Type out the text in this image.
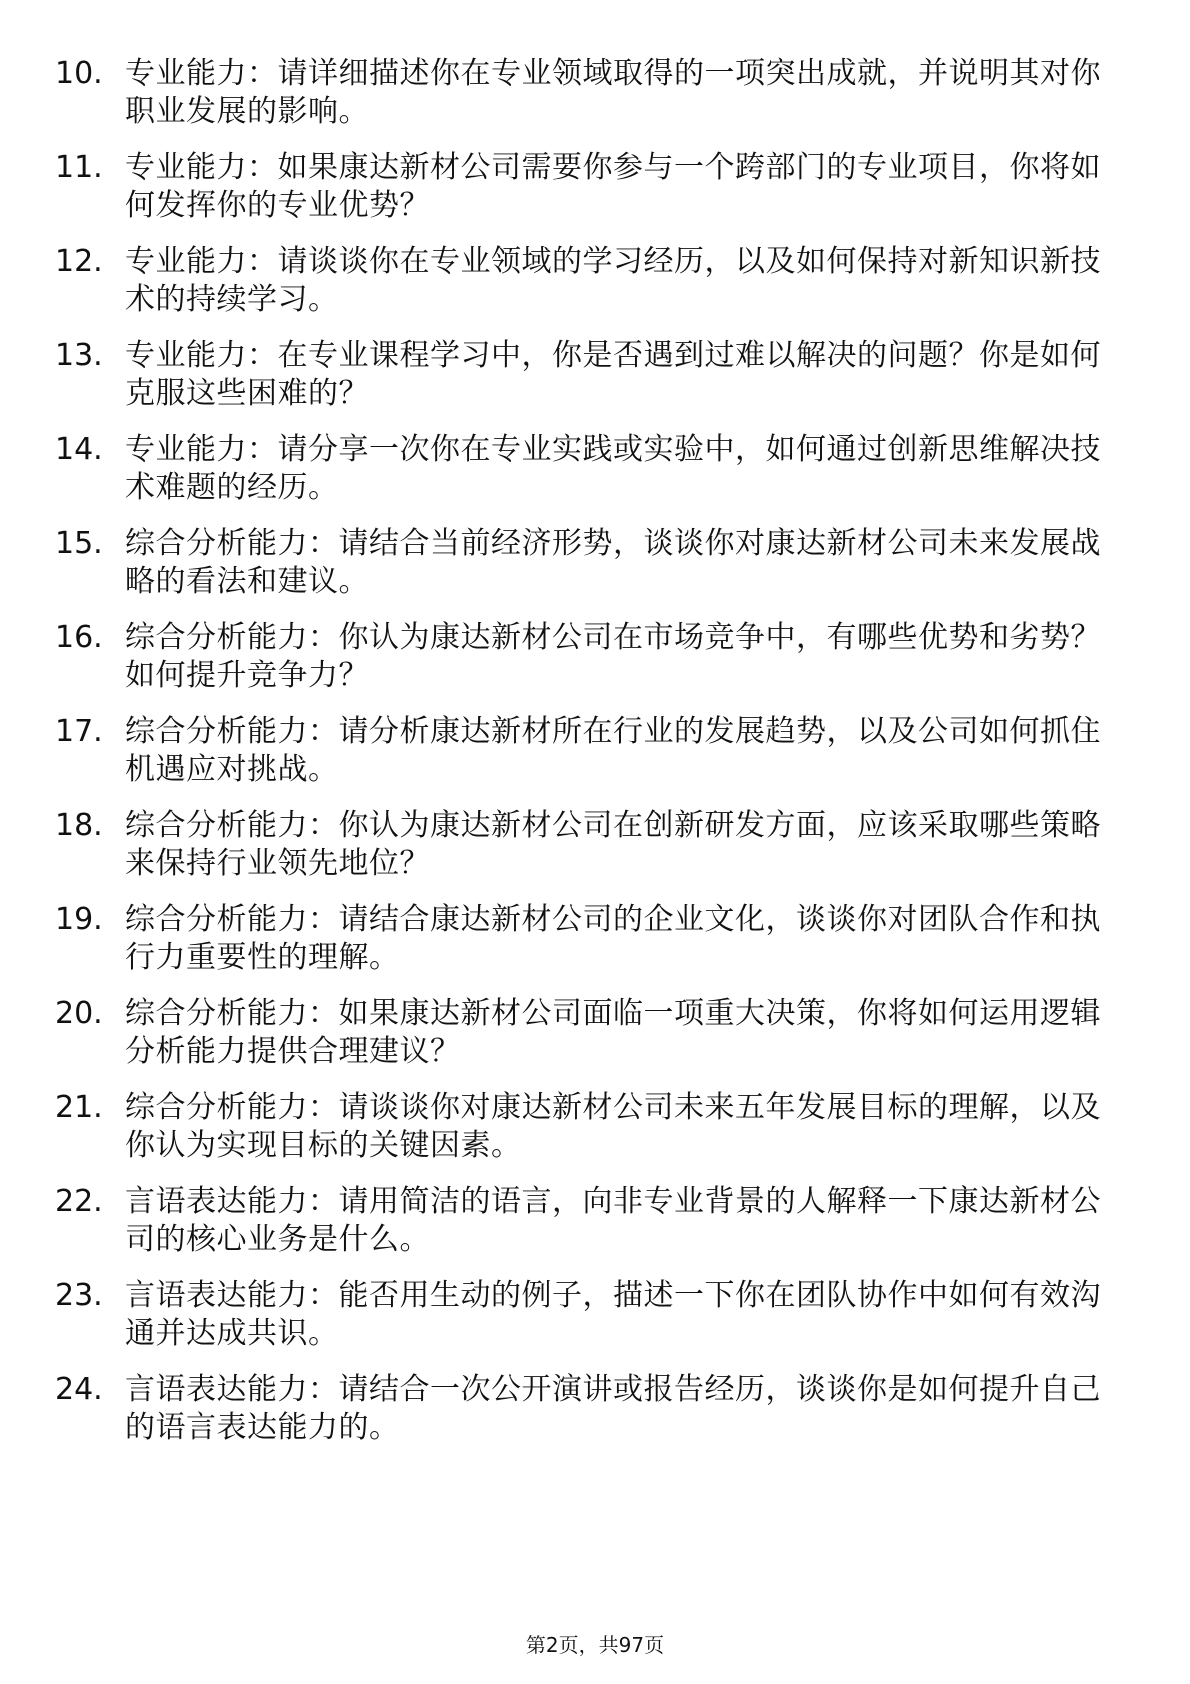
10. 专业能力：请详细描述你在专业领域取得的一项突出成就，并说明其对你职业发展的影响。
11. 专业能力：如果康达新材公司需要你参与一个跨部门的专业项目，你将如何发挥你的专业优势？
12. 专业能力：请谈谈你在专业领域的学习经历，以及如何保持对新知识新技术的持续学习。
13. 专业能力：在专业课程学习中，你是否遇到过难以解决的问题？你是如何克服这些困难的？
14. 专业能力：请分享一次你在专业实践或实验中，如何通过创新思维解决技术难题的经历。
15. 综合分析能力：请结合当前经济形势，谈谈你对康达新材公司未来发展战略的看法和建议。
16. 综合分析能力：你认为康达新材公司在市场竞争中，有哪些优势和劣势？如何提升竞争力？
17. 综合分析能力：请分析康达新材所在行业的发展趋势，以及公司如何抓住机遇应对挑战。
18. 综合分析能力：你认为康达新材公司在创新研发方面，应该采取哪些策略来保持行业领先地位？
19. 综合分析能力：请结合康达新材公司的企业文化，谈谈你对团队合作和执行力重要性的理解。
20. 综合分析能力：如果康达新材公司面临一项重大决策，你将如何运用逻辑分析能力提供合理建议？
21. 综合分析能力：请谈谈你对康达新材公司未来五年发展目标的理解，以及你认为实现目标的关键因素。
22. 言语表达能力：请用简洁的语言，向非专业背景的人解释一下康达新材公司的核心业务是什么。
23. 言语表达能力：能否用生动的例子，描述一下你在团队协作中如何有效沟通并达成共识。
24. 言语表达能力：请结合一次公开演讲或报告经历，谈谈你是如何提升自己的语言表达能力的。
第2页，共97页
